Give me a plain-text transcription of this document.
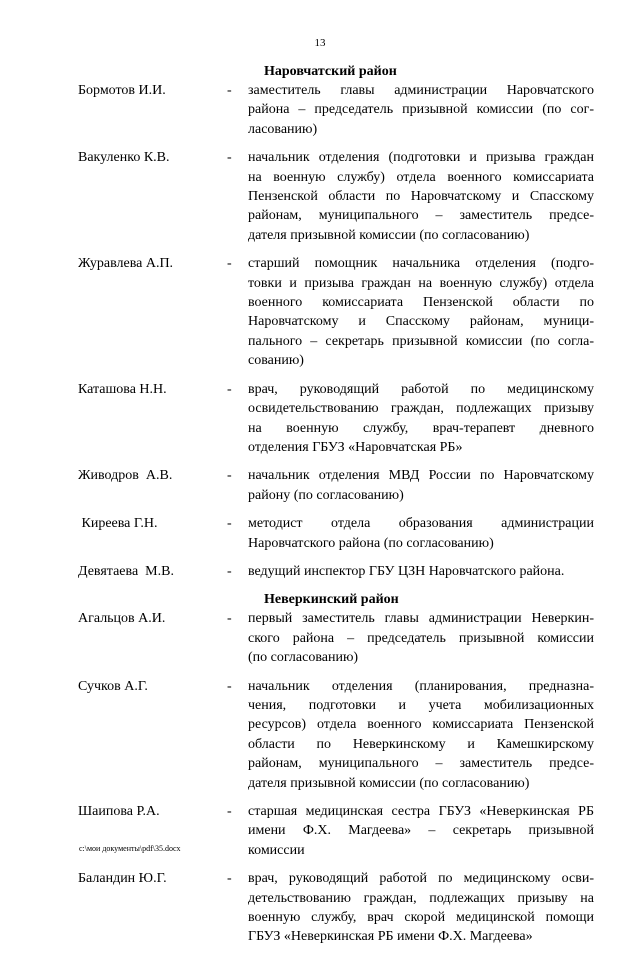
13
Наровчатский район
Бормотов И.И.	- заместитель главы администрации Наровчатского
района – председатель призывной комиссии (по сог-
ласованию)
Вакуленко К.В.	- начальник отделения (подготовки и призыва граждан
на военную службу) отдела военного комиссариата
Пензенской области по Наровчатскому и Спасскому
районам, муниципального – заместитель предсе-
дателя призывной комиссии (по согласованию)
Журавлева А.П.	- старший помощник начальника отделения (подго-
товки и призыва граждан на военную службу) отдела
военного комиссариата Пензенской области по
Наровчатскому и Спасскому районам, муници-
пального – секретарь призывной комиссии (по согла-
сованию)
Каташова Н.Н.	- врач, руководящий работой по медицинскому
освидетельствованию граждан, подлежащих призыву
на военную службу, врач-терапевт дневного
отделения ГБУЗ «Наровчатская РБ»
Живодров  А.В.	- начальник отделения МВД России по Наровчатскому
району (по согласованию)
Киреева Г.Н.	- методист отдела образования администрации
Наровчатского района (по согласованию)
Девятаева  М.В.	- ведущий инспектор ГБУ ЦЗН Наровчатского района.
Неверкинский район
Агальцов А.И.	- первый заместитель главы администрации Неверкин-
ского района – председатель призывной комиссии
(по согласованию)
Сучков А.Г.	- начальник отделения (планирования, предназна-
чения, подготовки и учета мобилизационных
ресурсов) отдела военного комиссариата Пензенской
области по Неверкинскому и Камешкирскому
районам, муниципального – заместитель предсе-
дателя призывной комиссии (по согласованию)
Шаипова Р.А.	- старшая медицинская сестра ГБУЗ «Неверкинская РБ
имени Ф.Х. Магдеева» – секретарь призывной
комиссии
Баландин Ю.Г.	- врач, руководящий работой по медицинскому осви-
детельствованию граждан, подлежащих призыву на
военную службу, врач скорой медицинской помощи
ГБУЗ «Неверкинская РБ имени Ф.Х. Магдеева»
c:\мои документы\pdf\35.docx
